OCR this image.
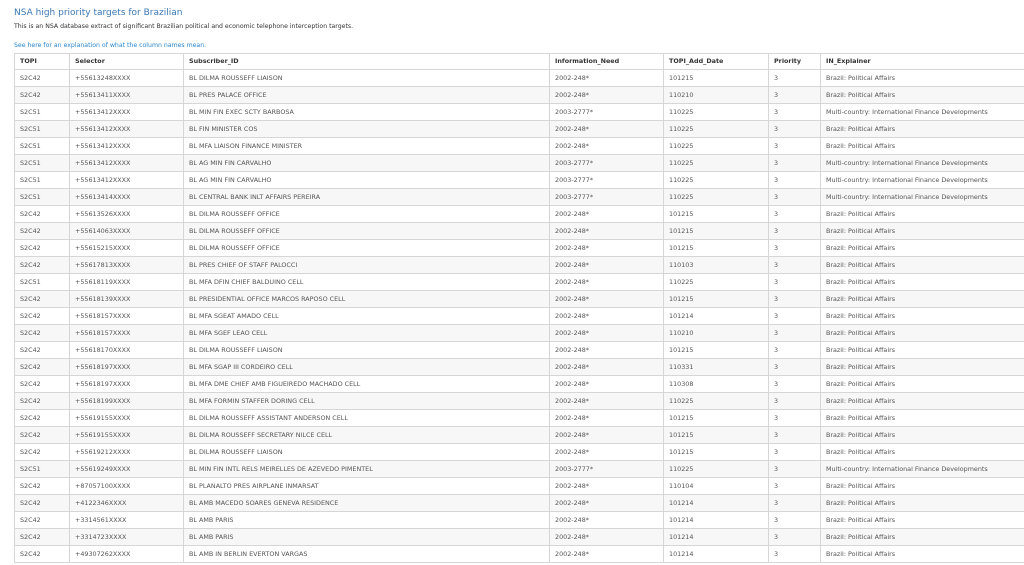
NSA high priority targets for Brazilian
This is an NSA database extract of significant Brazilian political and economic telephone interception targets.
See here for an explanation of what the column names mean.
TOPI	Selector	Subscriber_ID	Information_Need	TOPI_Add_Date	Priority	IN_Explainer
S2C42	+55613248XXXX	BL DILMA ROUSSEFF LIAISON	2002-248*	101215	3	Brazil: Political Affairs
S2C42	+55613411XXXX	BL PRES PALACE OFFICE	2002-248*	110210	3	Brazil: Political Affairs
S2C51	+55613412XXXX	BL MIN FIN EXEC SCTY BARBOSA	2003-2777*	110225	3	Multi-country: International Finance Developments
S2C51	+55613412XXXX	BL FIN MINISTER COS	2002-248*	110225	3	Brazil: Political Affairs
S2C51	+55613412XXXX	BL MFA LIAISON FINANCE MINISTER	2002-248*	110225	3	Brazil: Political Affairs
S2C51	+55613412XXXX	BL AG MIN FIN CARVALHO	2003-2777*	110225	3	Multi-country: International Finance Developments
S2C51	+55613412XXXX	BL AG MIN FIN CARVALHO	2003-2777*	110225	3	Multi-country: International Finance Developments
S2C51	+55613414XXXX	BL CENTRAL BANK INLT AFFAIRS PEREIRA	2003-2777*	110225	3	Multi-country: International Finance Developments
S2C42	+55613526XXXX	BL DILMA ROUSSEFF OFFICE	2002-248*	101215	3	Brazil: Political Affairs
S2C42	+55614063XXXX	BL DILMA ROUSSEFF OFFICE	2002-248*	101215	3	Brazil: Political Affairs
S2C42	+55615215XXXX	BL DILMA ROUSSEFF OFFICE	2002-248*	101215	3	Brazil: Political Affairs
S2C42	+55617813XXXX	BL PRES CHIEF OF STAFF PALOCCI	2002-248*	110103	3	Brazil: Political Affairs
S2C51	+55618119XXXX	BL MFA DFIN CHIEF BALDUINO CELL	2002-248*	110225	3	Brazil: Political Affairs
S2C42	+55618139XXXX	BL PRESIDENTIAL OFFICE MARCOS RAPOSO CELL	2002-248*	101215	3	Brazil: Political Affairs
S2C42	+55618157XXXX	BL MFA SGEAT AMADO CELL	2002-248*	101214	3	Brazil: Political Affairs
S2C42	+55618157XXXX	BL MFA SGEF LEAO CELL	2002-248*	110210	3	Brazil: Political Affairs
S2C42	+55618170XXXX	BL DILMA ROUSSEFF LIAISON	2002-248*	101215	3	Brazil: Political Affairs
S2C42	+55618197XXXX	BL MFA SGAP III CORDEIRO CELL	2002-248*	110331	3	Brazil: Political Affairs
S2C42	+55618197XXXX	BL MFA DME CHIEF AMB FIGUEIREDO MACHADO CELL	2002-248*	110308	3	Brazil: Political Affairs
S2C42	+55618199XXXX	BL MFA FORMIN STAFFER DORING CELL	2002-248*	110225	3	Brazil: Political Affairs
S2C42	+55619155XXXX	BL DILMA ROUSSEFF ASSISTANT ANDERSON CELL	2002-248*	101215	3	Brazil: Political Affairs
S2C42	+55619155XXXX	BL DILMA ROUSSEFF SECRETARY NILCE CELL	2002-248*	101215	3	Brazil: Political Affairs
S2C42	+55619212XXXX	BL DILMA ROUSSEFF LIAISON	2002-248*	101215	3	Brazil: Political Affairs
S2C51	+55619249XXXX	BL MIN FIN INTL RELS MEIRELLES DE AZEVEDO PIMENTEL	2003-2777*	110225	3	Multi-country: International Finance Developments
S2C42	+87057100XXXX	BL PLANALTO PRES AIRPLANE INMARSAT	2002-248*	110104	3	Brazil: Political Affairs
S2C42	+4122346XXXX	BL AMB MACEDO SOARES GENEVA RESIDENCE	2002-248*	101214	3	Brazil: Political Affairs
S2C42	+3314561XXXX	BL AMB PARIS	2002-248*	101214	3	Brazil: Political Affairs
S2C42	+3314723XXXX	BL AMB PARIS	2002-248*	101214	3	Brazil: Political Affairs
S2C42	+49307262XXXX	BL AMB IN BERLIN EVERTON VARGAS	2002-248*	101214	3	Brazil: Political Affairs
